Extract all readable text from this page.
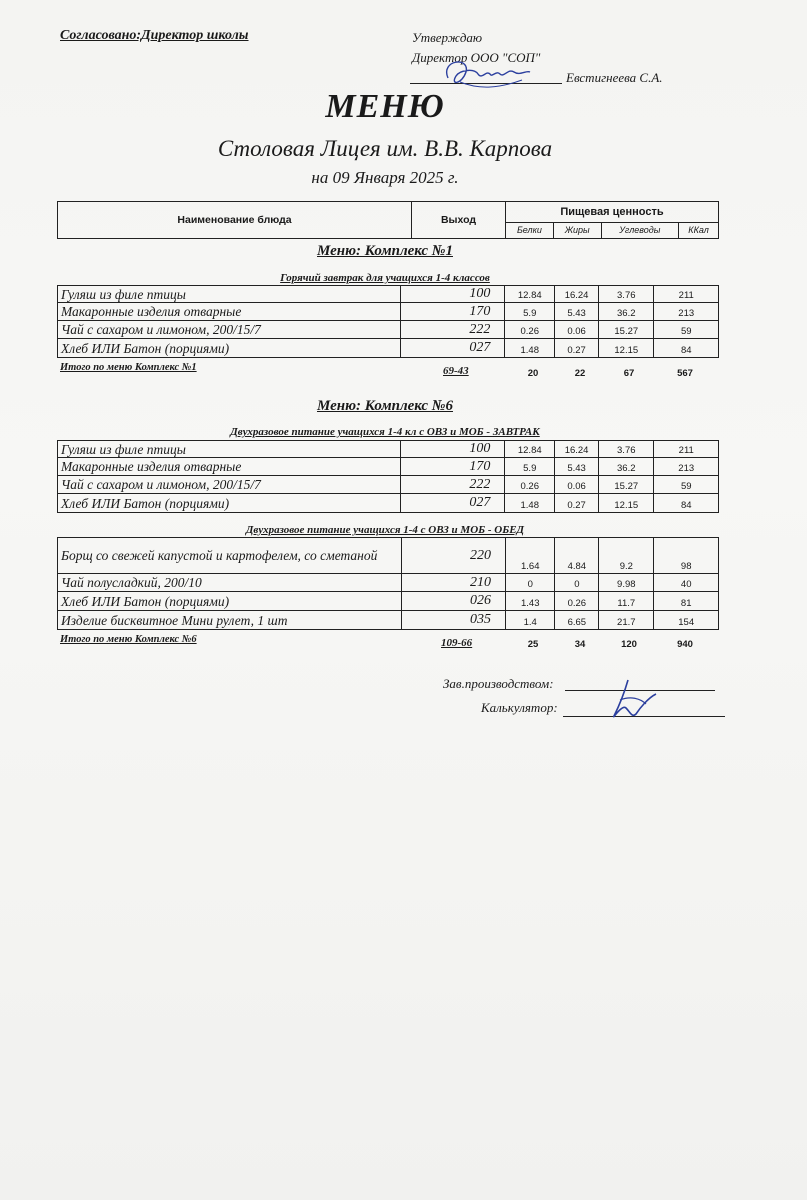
Согласовано:Директор школы	Утверждаю
Директор ООО "СОП"
Евстигнеева С.А.
МЕНЮ
Столовая Лицея им. В.В. Карпова
на 09 Января 2025 г.
Наименование блюда	Выход	Пищевая ценность			
		Белки	Жиры	Углеводы	ККал
Меню: Комплекс №1
Горячий завтрак для учащихся 1-4 классов
Гуляш из филе птицы	100	12.84	16.24	3.76	211
Макаронные изделия отварные	170	5.9	5.43	36.2	213
Чай с сахаром и лимоном, 200/15/7	222	0.26	0.06	15.27	59
Хлеб ИЛИ Батон (порциями)	027	1.48	0.27	12.15	84
Итого по меню Комплекс №1	69-43	20	22	67	567
Меню: Комплекс №6
Двухразовое питание учащихся 1-4 кл с ОВЗ и МОБ - ЗАВТРАК
Гуляш из филе птицы	100	12.84	16.24	3.76	211
Макаронные изделия отварные	170	5.9	5.43	36.2	213
Чай с сахаром и лимоном, 200/15/7	222	0.26	0.06	15.27	59
Хлеб ИЛИ Батон (порциями)	027	1.48	0.27	12.15	84
Двухразовое питание учащихся 1-4 с ОВЗ и МОБ - ОБЕД
Борщ со свежей капустой и картофелем, со сметаной	220	1.64	4.84	9.2	98
Чай полусладкий, 200/10	210	0	0	9.98	40
Хлеб ИЛИ Батон (порциями)	026	1.43	0.26	11.7	81
Изделие бисквитное Мини рулет, 1 шт	035	1.4	6.65	21.7	154
Итого по меню Комплекс №6	109-66	25	34	120	940
Зав.производством:
Калькулятор:
